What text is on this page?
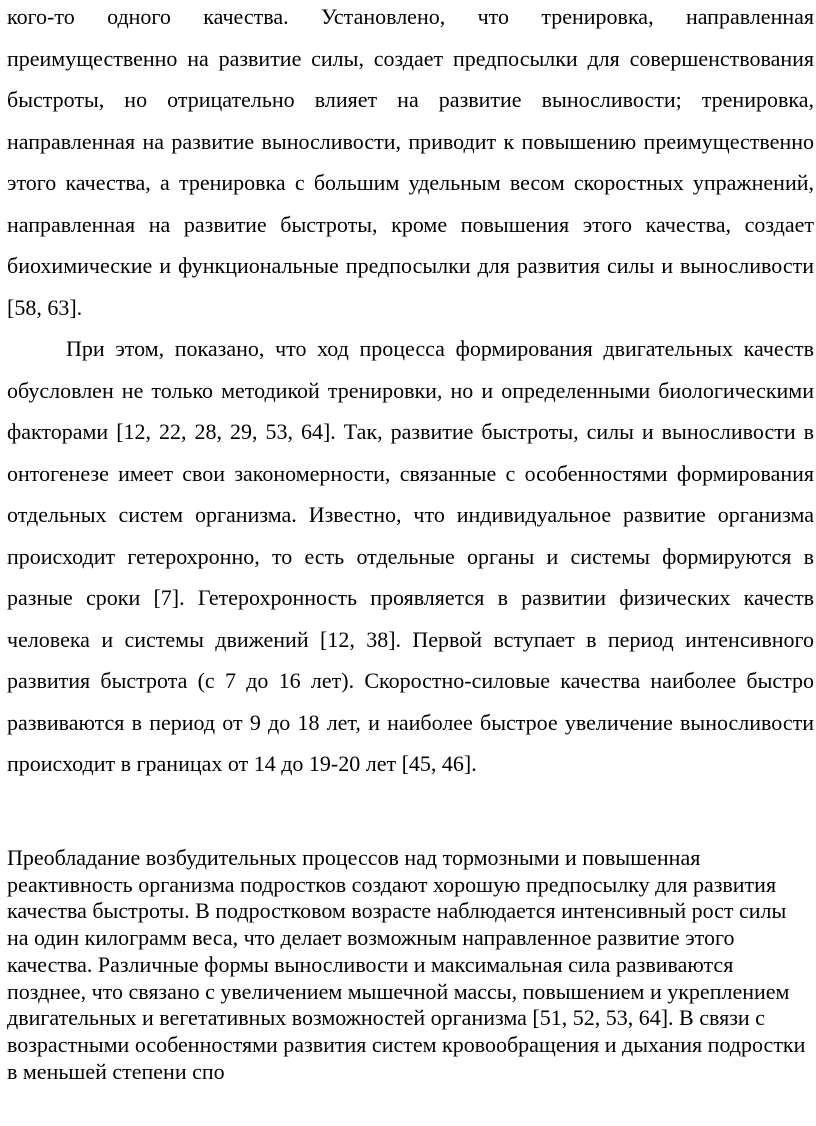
кого-то одного качества. Установлено, что тренировка, направленная преимущественно на развитие силы, создает предпосылки для совершенствования быстроты, но отрицательно влияет на развитие выносливости; тренировка, направленная на развитие выносливости, приводит к повышению преимущественно этого качества, а тренировка с большим удельным весом скоростных упражнений, направленная на развитие быстроты, кроме повышения этого качества, создает биохимические и функциональные предпосылки для развития силы и выносливости [58, 63].

При этом, показано, что ход процесса формирования двигательных качеств обусловлен не только методикой тренировки, но и определенными биологическими факторами [12, 22, 28, 29, 53, 64]. Так, развитие быстроты, силы и выносливости в онтогенезе имеет свои закономерности, связанные с особенностями формирования отдельных систем организма. Известно, что индивидуальное развитие организма происходит гетерохронно, то есть отдельные органы и системы формируются в разные сроки [7]. Гетерохронность проявляется в развитии физических качеств человека и системы движений [12, 38]. Первой вступает в период интенсивного развития быстрота (с 7 до 16 лет). Скоростно-силовые качества наиболее быстро развиваются в период от 9 до 18 лет, и наиболее быстрое увеличение выносливости происходит в границах от 14 до 19-20 лет [45, 46].

Преобладание возбудительных процессов над тормозными и повышенная реактивность организма подростков создают хорошую предпосылку для развития качества быстроты. В подростковом возрасте наблюдается интенсивный рост силы на один килограмм веса, что делает возможным направленное развитие этого качества. Различные формы выносливости и максимальная сила развиваются позднее, что связано с увеличением мышечной массы, повышением и укреплением двигательных и вегетативных возможностей организма [51, 52, 53, 64]. В связи с возрастными особенностями развития систем кровообращения и дыхания подростки в меньшей степени спо
